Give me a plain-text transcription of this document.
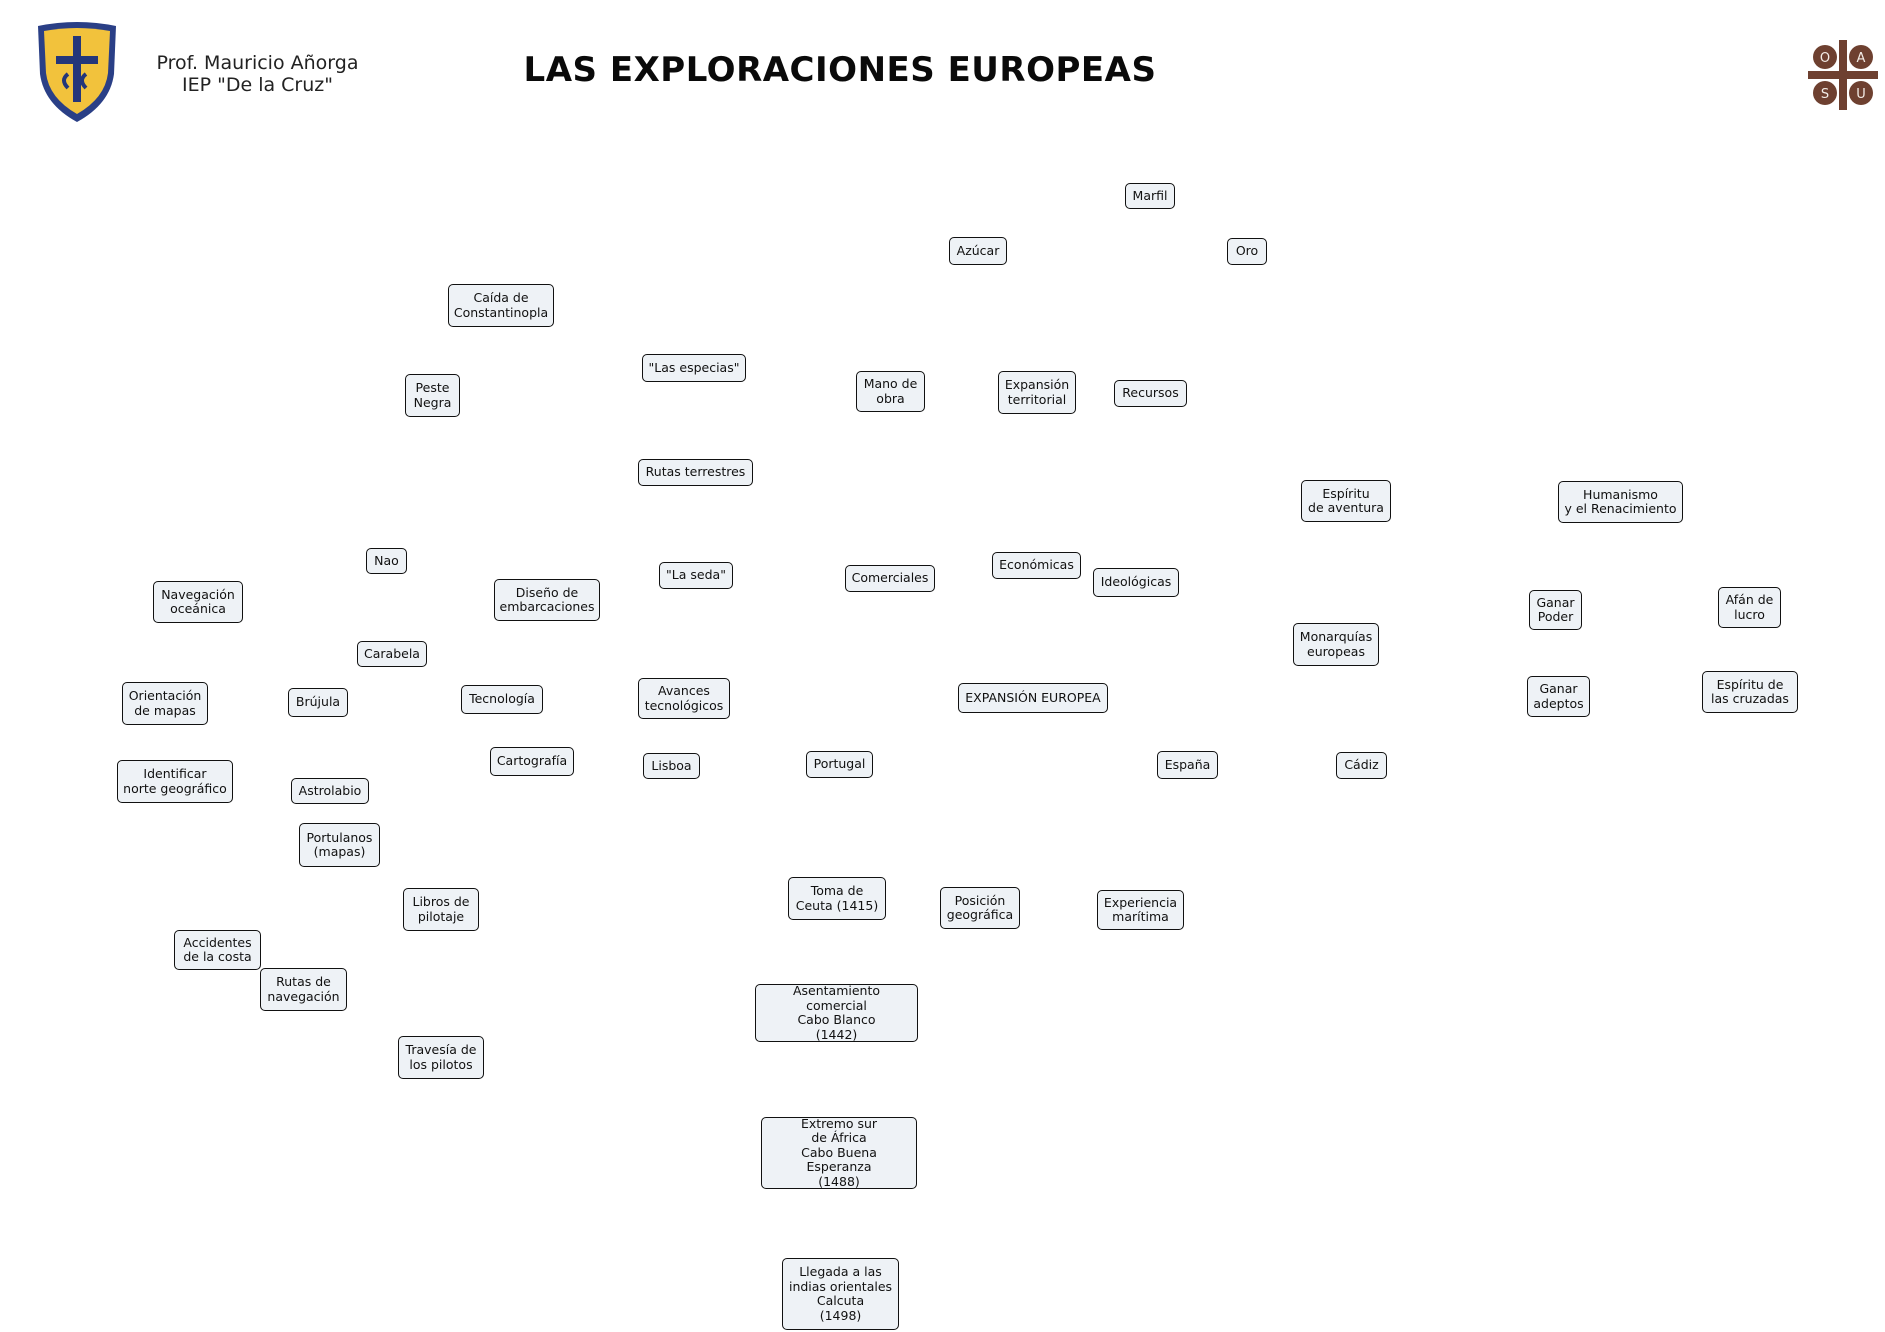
O A
S U
Prof. Mauricio Añorga
IEP "De la Cruz"	LAS EXPLORACIONES EUROPEAS
Marfil
Azúcar	Oro
Caída de
Constantinopla
"Las especias"
Mano de
obra
Expansión
territorial	Recursos
Peste
Negra
Rutas terrestres
Espíritu
de aventura
Humanismo
y el Renacimiento
Nao
Navegación
oceánica
Diseño de
embarcaciones
"La seda"	Comerciales
Económicas
Ideológicas
Ganar
Poder
Afán de
lucro
Monarquías
europeas
Carabela
Orientación
de mapas
Brújula	Tecnología
Avances
tecnológicos
EXPANSIÓN EUROPEA
Ganar
adeptos
Espíritu de
las cruzadas
Identificar
norte geográfico	Astrolabio
Cartografía	Lisboa	Portugal	España	Cádiz
Portulanos
(mapas)
Libros de
pilotaje
Toma de
Ceuta (1415)	Posición
geográfica
Experiencia
marítima
Accidentes
de la costa
Rutas de
navegación	Asentamiento comercial
Cabo Blanco
(1442)
Travesía de
los pilotos
Extremo sur
de África
Cabo Buena Esperanza
(1488)
Llegada a las
indias orientales
Calcuta
(1498)
